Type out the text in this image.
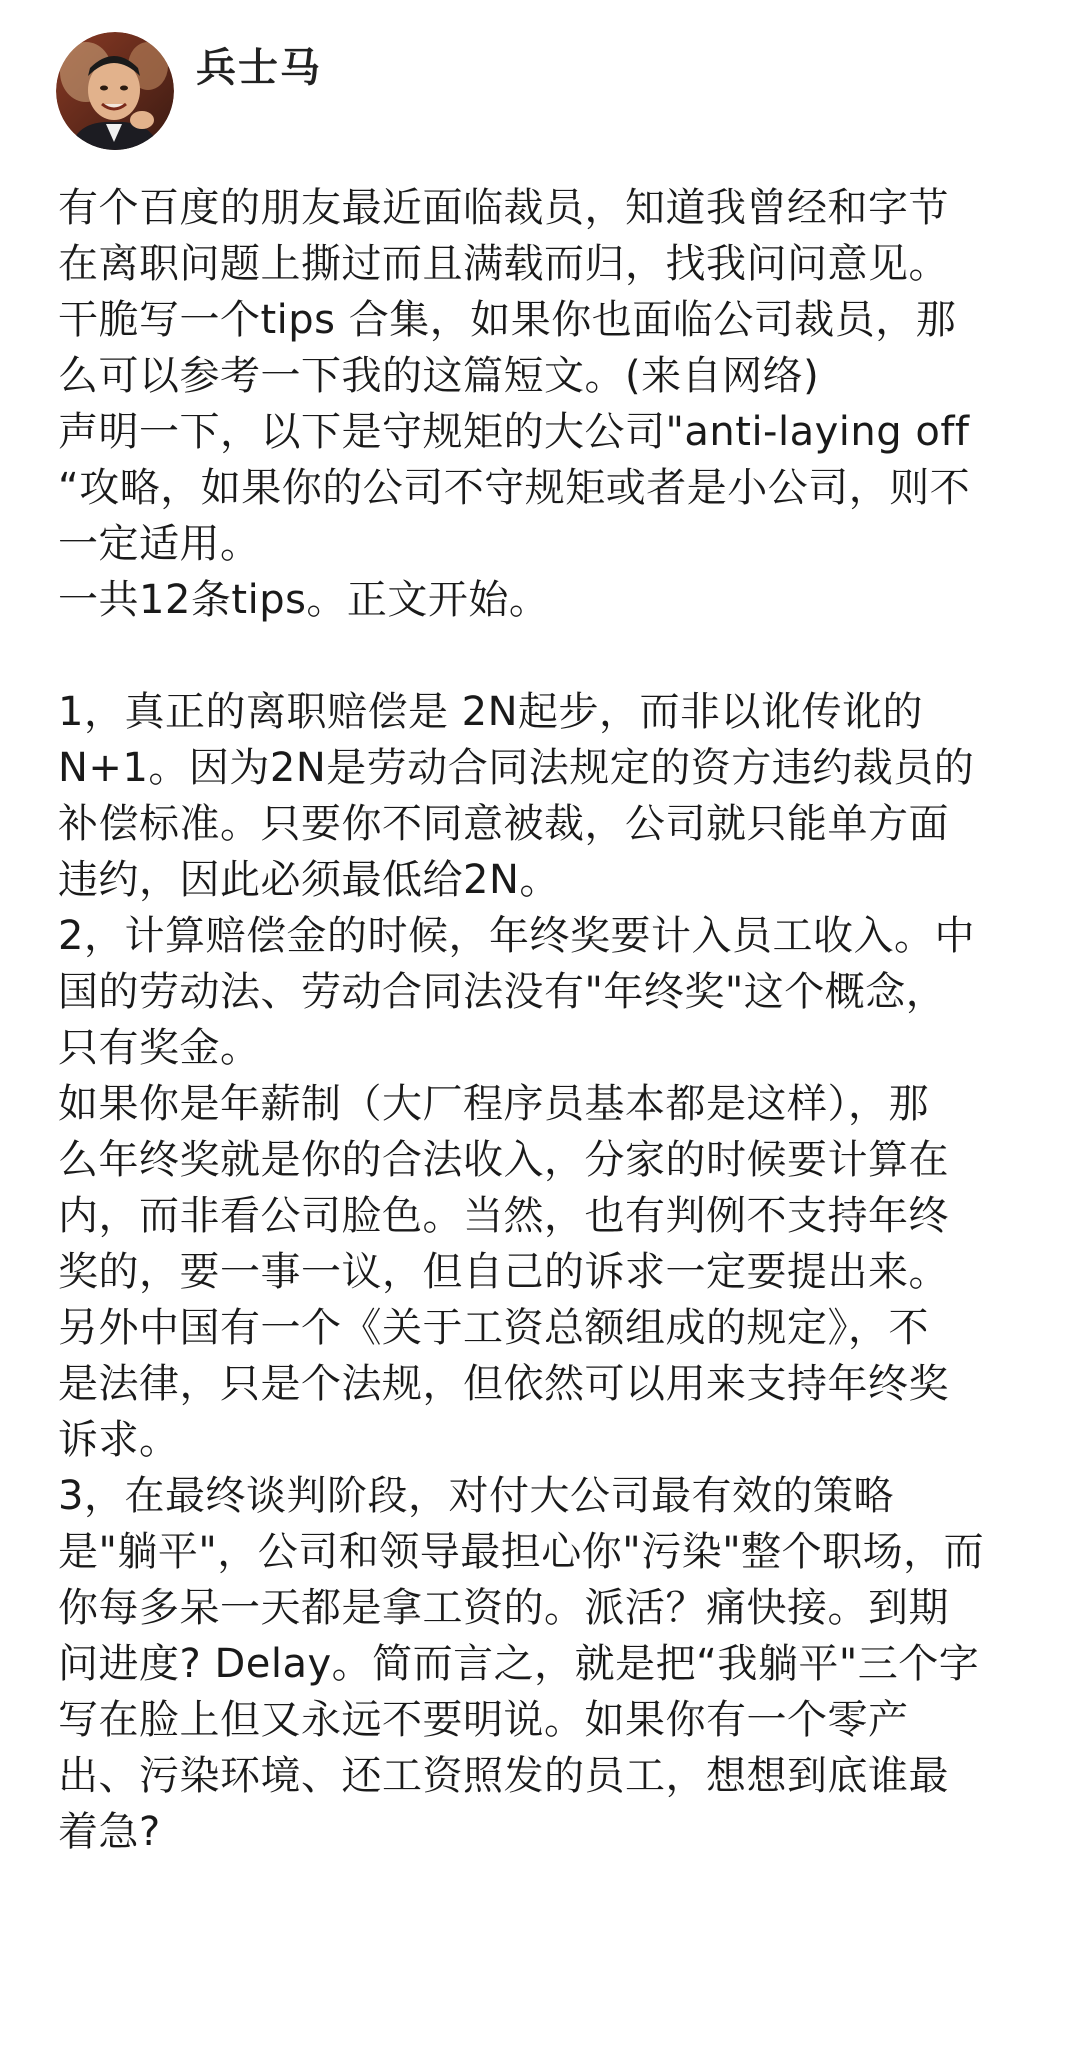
兵士马
有个百度的朋友最近面临裁员，知道我曾经和字节
在离职问题上撕过而且满载而归，找我问问意见。
干脆写一个tips 合集，如果你也面临公司裁员，那
么可以参考一下我的这篇短文。(来自网络)
声明一下，以下是守规矩的大公司"anti-laying off
“攻略，如果你的公司不守规矩或者是小公司，则不
一定适用。
一共12条tips。正文开始。
1，真正的离职赔偿是 2N起步，而非以讹传讹的
N+1。因为2N是劳动合同法规定的资方违约裁员的
补偿标准。只要你不同意被裁，公司就只能单方面
违约，因此必须最低给2N。
2，计算赔偿金的时候，年终奖要计入员工收入。中
国的劳动法、劳动合同法没有"年终奖"这个概念，
只有奖金。
如果你是年薪制（大厂程序员基本都是这样），那
么年终奖就是你的合法收入，分家的时候要计算在
内，而非看公司脸色。当然，也有判例不支持年终
奖的，要一事一议，但自己的诉求一定要提出来。
另外中国有一个《关于工资总额组成的规定》，不
是法律，只是个法规，但依然可以用来支持年终奖
诉求。
3，在最终谈判阶段，对付大公司最有效的策略
是"躺平"，公司和领导最担心你"污染"整个职场，而
你每多呆一天都是拿工资的。派活？痛快接。到期
问进度? Delay。简而言之，就是把“我躺平"三个字
写在脸上但又永远不要明说。如果你有一个零产
出、污染环境、还工资照发的员工，想想到底谁最
着急?
